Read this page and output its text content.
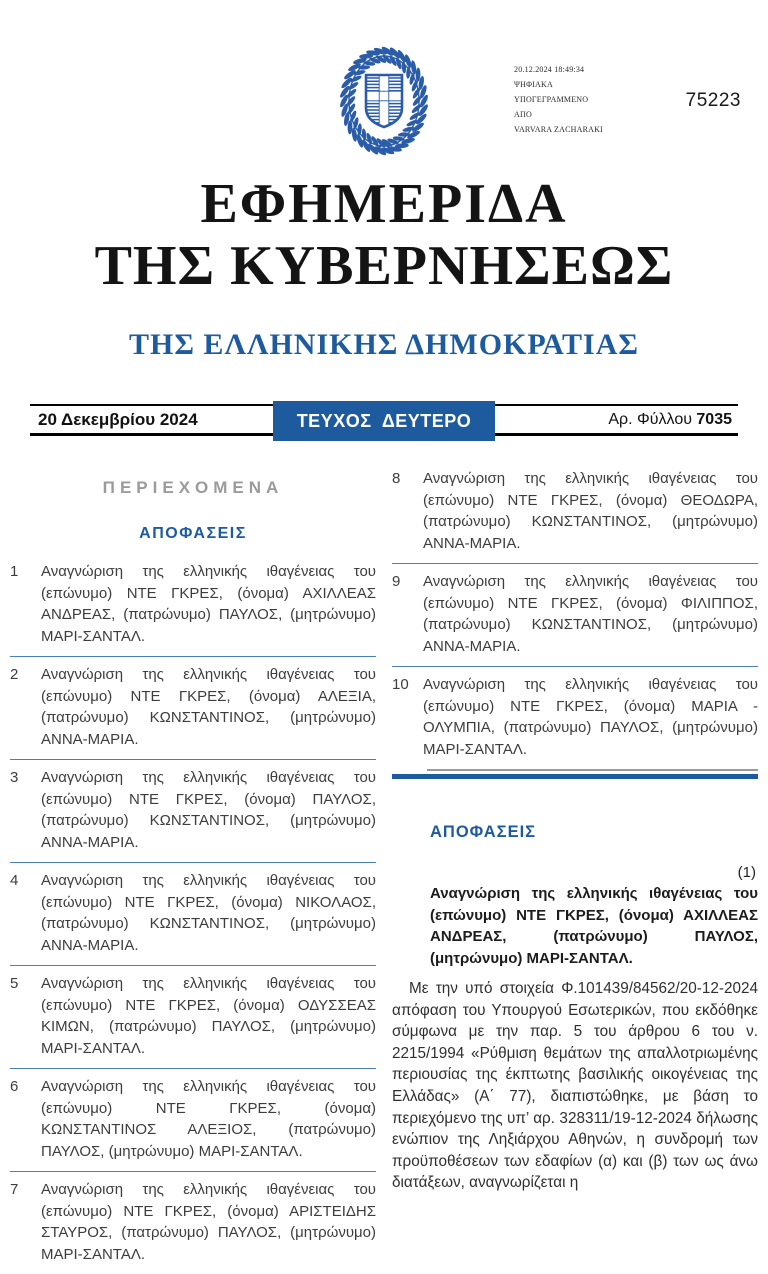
20.12.2024 18:49:34
ΨΗΦΙΑΚΑ
ΥΠΟΓΕΓΡΑΜΜΕΝΟ
ΑΠΟ
VARVARA ZACHARAKI
75223
ΕΦΗΜΕΡΙΔΑ
ΤΗΣ ΚΥΒΕΡΝΗΣΕΩΣ
ΤΗΣ ΕΛΛΗΝΙΚΗΣ ΔΗΜΟΚΡΑΤΙΑΣ
20 Δεκεμβρίου 2024	ΤΕΥΧΟΣ  ΔΕΥΤΕΡΟ	Αρ. Φύλλου 7035
ΠΕΡΙΕΧΟΜΕΝΑ
ΑΠΟΦΑΣΕΙΣ
1	Αναγνώριση της ελληνικής ιθαγένειας του (επώνυμο) ΝΤΕ ΓΚΡΕΣ, (όνομα) ΑΧΙΛΛΕΑΣ ΑΝΔΡΕΑΣ, (πατρώνυμο) ΠΑΥΛΟΣ, (μητρώνυμο) ΜΑΡΙ-ΣΑΝΤΑΛ.
2	Αναγνώριση της ελληνικής ιθαγένειας του (επώνυμο) ΝΤΕ ΓΚΡΕΣ, (όνομα) ΑΛΕΞΙΑ, (πατρώνυμο) ΚΩΝΣΤΑΝΤΙΝΟΣ, (μητρώνυμο) ΑΝΝΑ-ΜΑΡΙΑ.
3	Αναγνώριση της ελληνικής ιθαγένειας του (επώνυμο) ΝΤΕ ΓΚΡΕΣ, (όνομα) ΠΑΥΛΟΣ, (πατρώνυμο) ΚΩΝΣΤΑΝΤΙΝΟΣ, (μητρώνυμο) ΑΝΝΑ-ΜΑΡΙΑ.
4	Αναγνώριση της ελληνικής ιθαγένειας του (επώνυμο) ΝΤΕ ΓΚΡΕΣ, (όνομα) ΝΙΚΟΛΑΟΣ, (πατρώνυμο) ΚΩΝΣΤΑΝΤΙΝΟΣ, (μητρώνυμο) ΑΝΝΑ-ΜΑΡΙΑ.
5	Αναγνώριση της ελληνικής ιθαγένειας του (επώνυμο) ΝΤΕ ΓΚΡΕΣ, (όνομα) ΟΔΥΣΣΕΑΣ ΚΙΜΩΝ, (πατρώνυμο) ΠΑΥΛΟΣ, (μητρώνυμο) ΜΑΡΙ-ΣΑΝΤΑΛ.
6	Αναγνώριση της ελληνικής ιθαγένειας του (επώνυμο) ΝΤΕ ΓΚΡΕΣ, (όνομα) ΚΩΝΣΤΑΝΤΙΝΟΣ ΑΛΕΞΙΟΣ, (πατρώνυμο) ΠΑΥΛΟΣ, (μητρώνυμο) ΜΑΡΙ-ΣΑΝΤΑΛ.
7	Αναγνώριση της ελληνικής ιθαγένειας του (επώνυμο) ΝΤΕ ΓΚΡΕΣ, (όνομα) ΑΡΙΣΤΕΙΔΗΣ ΣΤΑΥΡΟΣ, (πατρώνυμο) ΠΑΥΛΟΣ, (μητρώνυμο) ΜΑΡΙ-ΣΑΝΤΑΛ.
8	Αναγνώριση της ελληνικής ιθαγένειας του (επώνυμο) ΝΤΕ ΓΚΡΕΣ, (όνομα) ΘΕΟΔΩΡΑ, (πατρώνυμο) ΚΩΝΣΤΑΝΤΙΝΟΣ, (μητρώνυμο) ΑΝΝΑ-ΜΑΡΙΑ.
9	Αναγνώριση της ελληνικής ιθαγένειας του (επώνυμο) ΝΤΕ ΓΚΡΕΣ, (όνομα) ΦΙΛΙΠΠΟΣ, (πατρώνυμο) ΚΩΝΣΤΑΝΤΙΝΟΣ, (μητρώνυμο) ΑΝΝΑ-ΜΑΡΙΑ.
10 Αναγνώριση της ελληνικής ιθαγένειας του (επώνυμο) ΝΤΕ ΓΚΡΕΣ, (όνομα) ΜΑΡΙΑ - ΟΛΥΜΠΙΑ, (πατρώνυμο) ΠΑΥΛΟΣ, (μητρώνυμο) ΜΑΡΙ-ΣΑΝΤΑΛ.
ΑΠΟΦΑΣΕΙΣ
(1)
Αναγνώριση της ελληνικής ιθαγένειας του (επώνυμο) ΝΤΕ ΓΚΡΕΣ, (όνομα) ΑΧΙΛΛΕΑΣ ΑΝΔΡΕΑΣ, (πατρώνυμο) ΠΑΥΛΟΣ, (μητρώνυμο) ΜΑΡΙ-ΣΑΝΤΑΛ.
Με την υπό στοιχεία Φ.101439/84562/20-12-2024 απόφαση του Υπουργού Εσωτερικών, που εκδόθηκε σύμφωνα με την παρ. 5 του άρθρου 6 του ν. 2215/1994 «Ρύθμιση θεμάτων της απαλλοτριωμένης περιουσίας της έκπτωτης βασιλικής οικογένειας της Ελλάδας» (Α΄ 77), διαπιστώθηκε, με βάση το περιεχόμενο της υπ’ αρ. 328311/19-12-2024 δήλωσης ενώπιον της Ληξιάρχου Αθηνών, η συνδρομή των προϋποθέσεων των εδαφίων (α) και (β) των ως άνω διατάξεων, αναγνωρίζεται η
